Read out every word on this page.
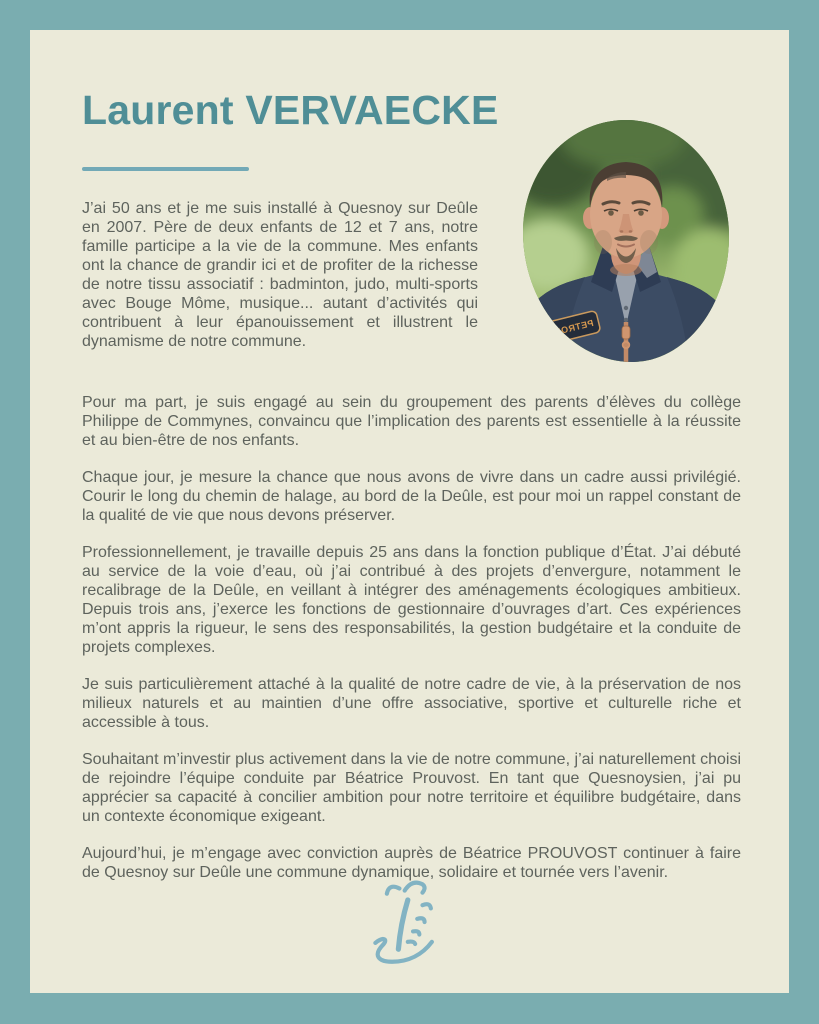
Laurent VERVAECKE
PETROL

J’ai 50 ans et je me suis installé à Quesnoy sur Deûle en 2007. Père de deux enfants de 12 et 7 ans, notre famille participe a la vie de la commune. Mes enfants ont la chance de grandir ici et de profiter de la richesse de notre tissu associatif : badminton, judo, multi-sports avec Bouge Môme, musique... autant d’activités qui contribuent à leur épanouissement et illustrent le dynamisme de notre commune.

Pour ma part, je suis engagé au sein du groupement des parents d’élèves du collège Philippe de Commynes, convaincu que l’implication des parents est essentielle à la réussite et au bien-être de nos enfants.

Chaque jour, je mesure la chance que nous avons de vivre dans un cadre aussi privilégié. Courir le long du chemin de halage, au bord de la Deûle, est pour moi un rappel constant de la qualité de vie que nous devons préserver.

Professionnellement, je travaille depuis 25 ans dans la fonction publique d’État. J’ai débuté au service de la voie d’eau, où j’ai contribué à des projets d’envergure, notamment le recalibrage de la Deûle, en veillant à intégrer des aménagements écologiques ambitieux. Depuis trois ans, j’exerce les fonctions de gestionnaire d’ouvrages d’art. Ces expériences m’ont appris la rigueur, le sens des responsabilités, la gestion budgétaire et la conduite de projets complexes.

Je suis particulièrement attaché à la qualité de notre cadre de vie, à la préservation de nos milieux naturels et au maintien d’une offre associative, sportive et culturelle riche et accessible à tous.

Souhaitant m’investir plus activement dans la vie de notre commune, j’ai naturellement choisi de rejoindre l’équipe conduite par Béatrice Prouvost. En tant que Quesnoysien, j’ai pu apprécier sa capacité à concilier ambition pour notre territoire et équilibre budgétaire, dans un contexte économique exigeant.

Aujourd’hui, je m’engage avec conviction auprès de Béatrice PROUVOST continuer à faire de Quesnoy sur Deûle une commune dynamique, solidaire et tournée vers l’avenir.
